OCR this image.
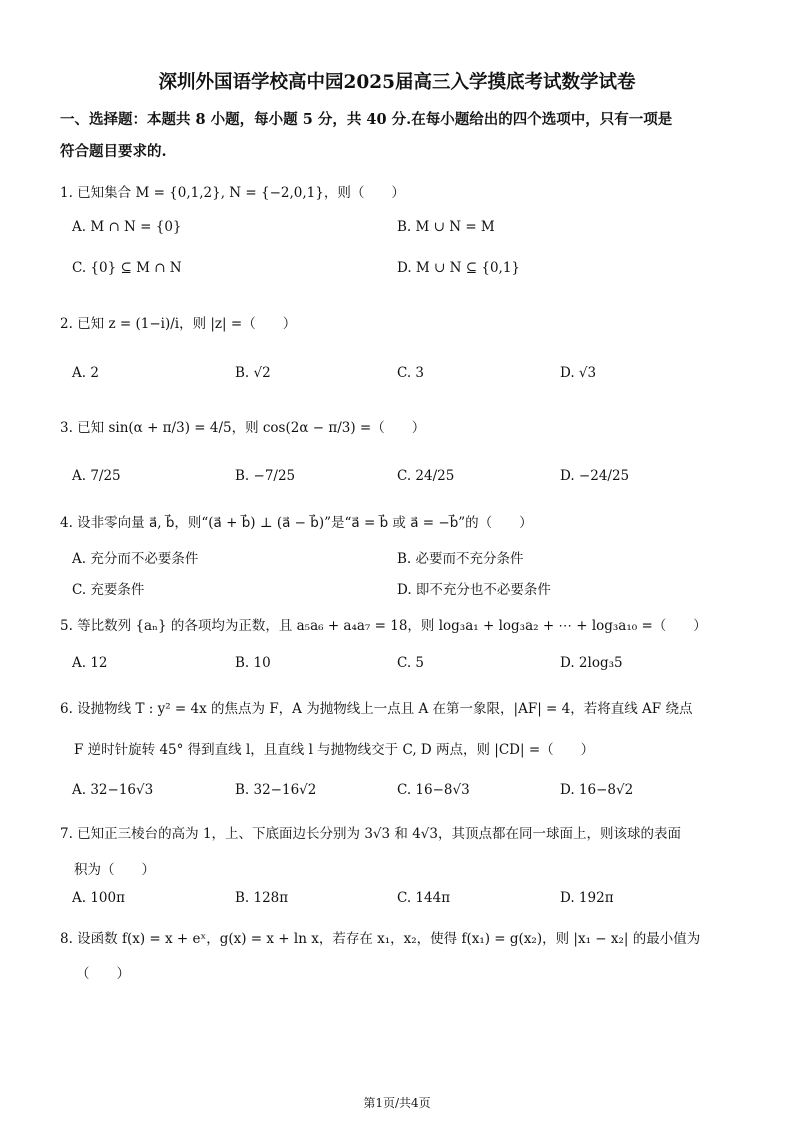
深圳外国语学校高中园2025届高三入学摸底考试数学试卷
一、选择题：本题共 8 小题，每小题 5 分，共 40 分.在每小题给出的四个选项中，只有一项是
符合题目要求的.
1. 已知集合 M = {0,1,2}, N = {−2,0,1}，则（　　）
A. M ∩ N = {0}	B. M ∪ N = M
C. {0} ⊆ M ∩ N	D. M ∪ N ⊆ {0,1}
2. 已知 z = (1−i)/i，则 |z| =（　　）
A. 2	B. √2	C. 3	D. √3
3. 已知 sin(α + π/3) = 4/5，则 cos(2α − π/3) =（　　）
A. 7/25	B. −7/25	C. 24/25	D. −24/25
4. 设非零向量 a⃗, b⃗，则“(a⃗ + b⃗) ⊥ (a⃗ − b⃗)”是“a⃗ = b⃗ 或 a⃗ = −b⃗”的（　　）
A. 充分而不必要条件	B. 必要而不充分条件
C. 充要条件	D. 即不充分也不必要条件
5. 等比数列 {aₙ} 的各项均为正数，且 a₅a₆ + a₄a₇ = 18，则 log₃a₁ + log₃a₂ + ⋯ + log₃a₁₀ =（　　）
A. 12	B. 10	C. 5	D. 2log₃5
6. 设抛物线 T : y² = 4x 的焦点为 F，A 为抛物线上一点且 A 在第一象限，|AF| = 4，若将直线 AF 绕点
F 逆时针旋转 45° 得到直线 l，且直线 l 与抛物线交于 C, D 两点，则 |CD| =（　　）
A. 32−16√3	B. 32−16√2	C. 16−8√3	D. 16−8√2
7. 已知正三棱台的高为 1，上、下底面边长分别为 3√3 和 4√3，其顶点都在同一球面上，则该球的表面
积为（　　）
A. 100π	B. 128π	C. 144π	D. 192π
8. 设函数 f(x) = x + eˣ，g(x) = x + ln x，若存在 x₁，x₂，使得 f(x₁) = g(x₂)，则 |x₁ − x₂| 的最小值为
（　　）
第1页/共4页
